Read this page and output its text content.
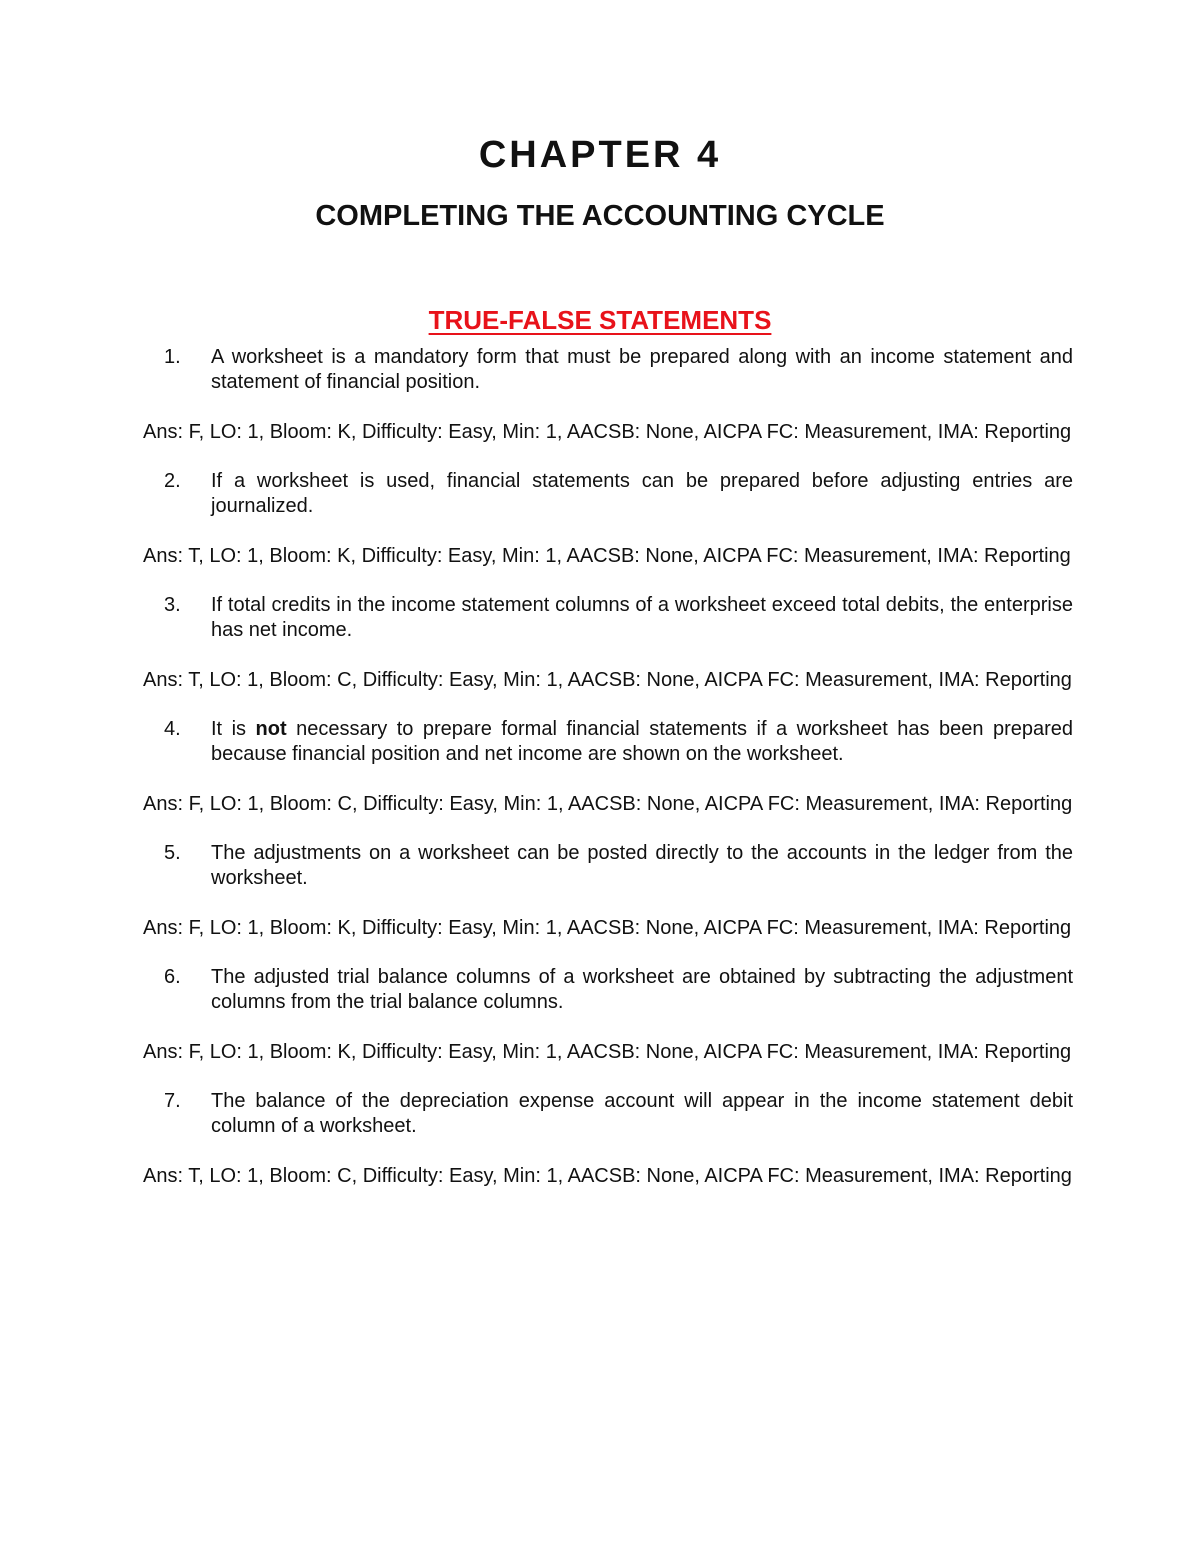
CHAPTER 4
COMPLETING THE ACCOUNTING CYCLE
TRUE-FALSE STATEMENTS
1. A worksheet is a mandatory form that must be prepared along with an income statement and statement of financial position.
Ans: F, LO: 1, Bloom: K, Difficulty: Easy, Min: 1, AACSB: None, AICPA FC: Measurement, IMA: Reporting
2. If a worksheet is used, financial statements can be prepared before adjusting entries are journalized.
Ans: T, LO: 1, Bloom: K, Difficulty: Easy, Min: 1, AACSB: None, AICPA FC: Measurement, IMA: Reporting
3. If total credits in the income statement columns of a worksheet exceed total debits, the enterprise has net income.
Ans: T, LO: 1, Bloom: C, Difficulty: Easy, Min: 1, AACSB: None, AICPA FC: Measurement, IMA: Reporting
4. It is not necessary to prepare formal financial statements if a worksheet has been prepared because financial position and net income are shown on the worksheet.
Ans: F, LO: 1, Bloom: C, Difficulty: Easy, Min: 1, AACSB: None, AICPA FC: Measurement, IMA: Reporting
5. The adjustments on a worksheet can be posted directly to the accounts in the ledger from the worksheet.
Ans: F, LO: 1, Bloom: K, Difficulty: Easy, Min: 1, AACSB: None, AICPA FC: Measurement, IMA: Reporting
6. The adjusted trial balance columns of a worksheet are obtained by subtracting the adjustment columns from the trial balance columns.
Ans: F, LO: 1, Bloom: K, Difficulty: Easy, Min: 1, AACSB: None, AICPA FC: Measurement, IMA: Reporting
7. The balance of the depreciation expense account will appear in the income statement debit column of a worksheet.
Ans: T, LO: 1, Bloom: C, Difficulty: Easy, Min: 1, AACSB: None, AICPA FC: Measurement, IMA: Reporting
